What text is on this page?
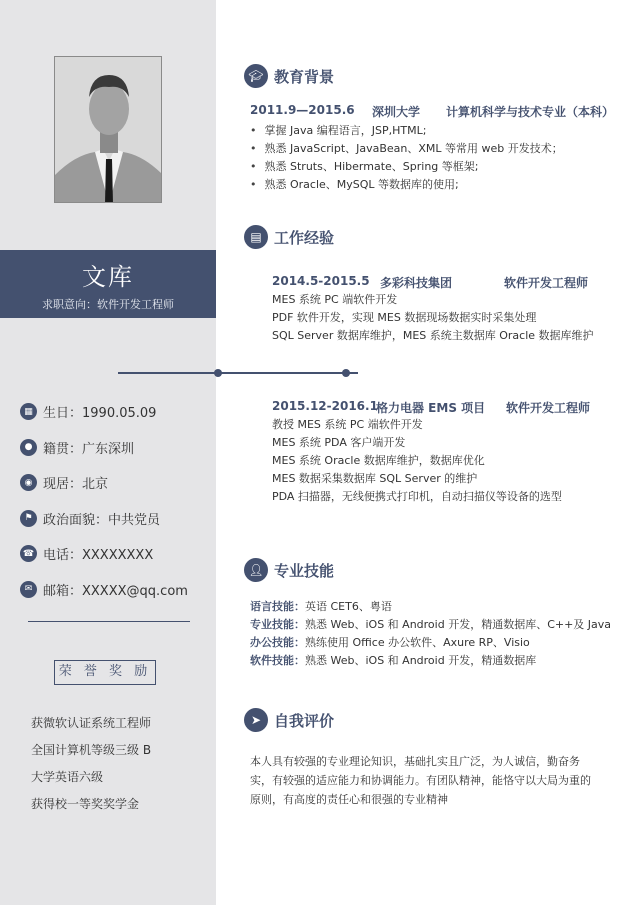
文库
求职意向：软件开发工程师
▦ 生日：1990.05.09
● 籍贯：广东深圳
◉ 现居：北京
⚑ 政治面貌：中共党员
☎ 电话：XXXXXXXX
✉ 邮箱：XXXXX@qq.com
荣 誉 奖 励
获微软认证系统工程师
全国计算机等级三级 B
大学英语六级
获得校一等奖奖学金
🎓︎ 教育背景
2011.9—2015.6 深圳大学 计算机科学与技术专业（本科）
• 掌握 Java 编程语言，JSP,HTML;
• 熟悉 JavaScript、JavaBean、XML 等常用 web 开发技术；
• 熟悉 Struts、Hibermate、Spring 等框架;
• 熟悉 Oracle、MySQL 等数据库的使用;
▤ 工作经验
2014.5-2015.5 多彩科技集团	软件开发工程师
MES 系统 PC 端软件开发
PDF 软件开发，实现 MES 数据现场数据实时采集处理
SQL Server 数据库维护，MES 系统主数据库 Oracle 数据库维护
2015.12-2016.1
格力电器 EMS 项目 软件开发工程师
教授 MES 系统 PC 端软件开发
MES 系统 PDA 客户端开发
MES 系统 Oracle 数据库维护，数据库优化
MES 数据采集数据库 SQL Server 的维护
PDA 扫描器，无线便携式打印机，自动扫描仪等设备的选型
👤︎ 专业技能
语言技能：英语 CET6、粤语
专业技能：熟悉 Web、iOS 和 Android 开发，精通数据库、C++及 Java
办公技能：熟练使用 Office 办公软件、Axure RP、Visio
软件技能：熟悉 Web、iOS 和 Android 开发，精通数据库
➤ 自我评价
本人具有较强的专业理论知识，基础扎实且广泛，为人诚信，勤奋务实，有较强的适应能力和协调能力。有团队精神，能恪守以大局为重的原则，有高度的责任心和很强的专业精神
